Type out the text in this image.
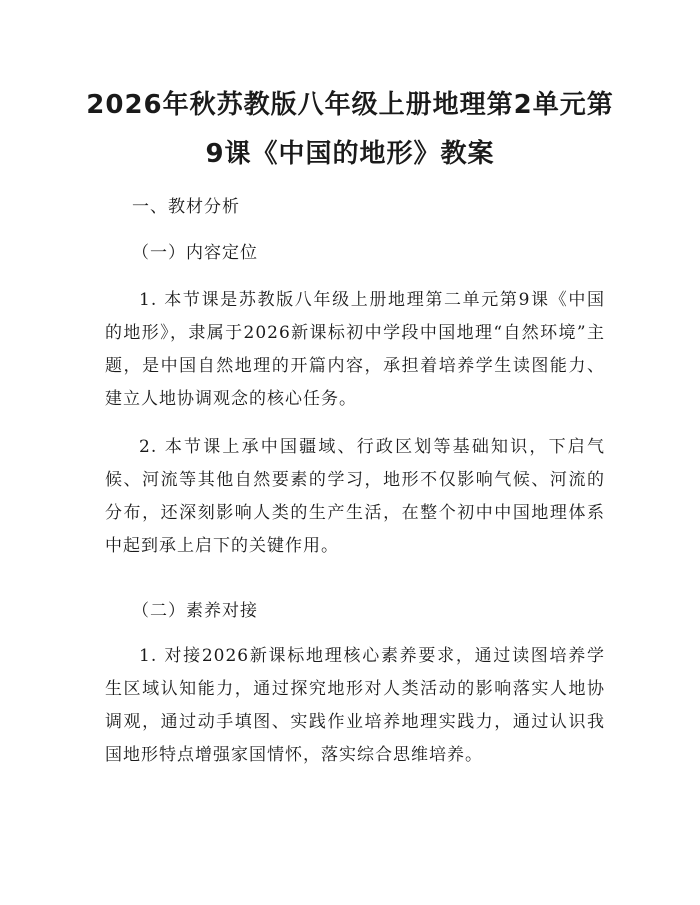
2026年秋苏教版八年级上册地理第2单元第
9课《中国的地形》教案

一、教材分析

（一）内容定位

1. 本节课是苏教版八年级上册地理第二单元第9课《中国的地形》，隶属于2026新课标初中学段中国地理“自然环境”主题，是中国自然地理的开篇内容，承担着培养学生读图能力、建立人地协调观念的核心任务。

2. 本节课上承中国疆域、行政区划等基础知识，下启气候、河流等其他自然要素的学习，地形不仅影响气候、河流的分布，还深刻影响人类的生产生活，在整个初中中国地理体系中起到承上启下的关键作用。

（二）素养对接

1. 对接2026新课标地理核心素养要求，通过读图培养学生区域认知能力，通过探究地形对人类活动的影响落实人地协调观，通过动手填图、实践作业培养地理实践力，通过认识我国地形特点增强家国情怀，落实综合思维培养。
